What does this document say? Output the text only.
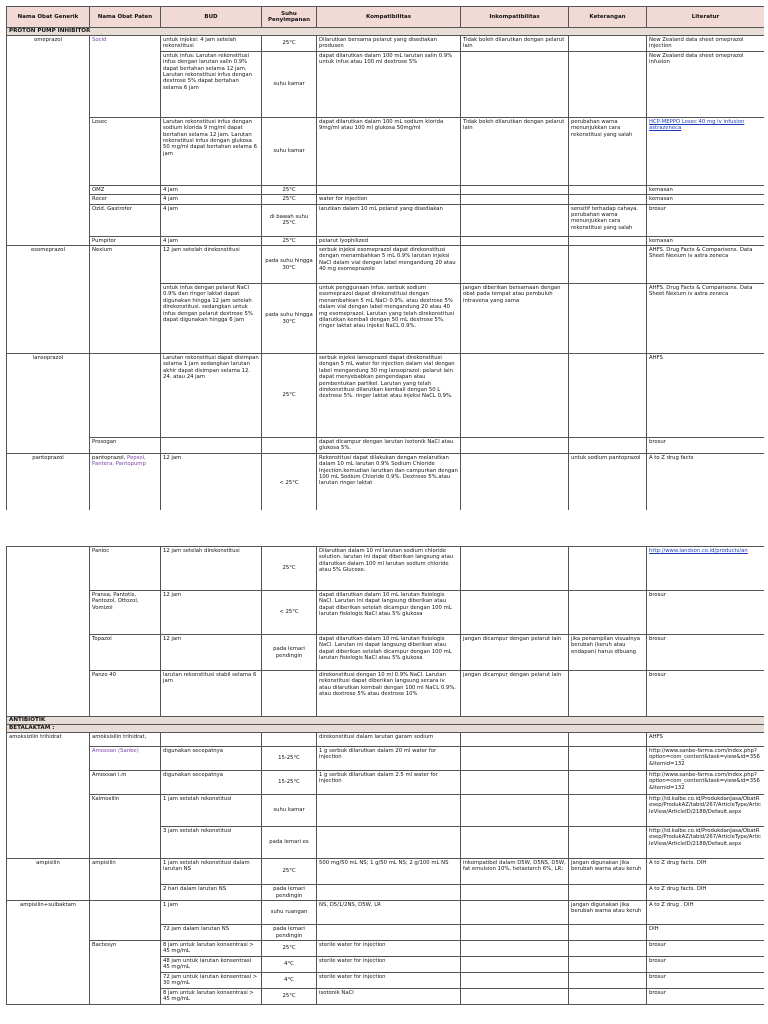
Nama Obat Generik	Nama Obat Paten	BUD	Suhu Penyimpanan	Kompatibilitas	Inkompatibilitas	Keterangan	Literatur
PROTON PUMP INHIBITOR							
omeprazol	Socid	untuk injeksi: 4 jam setelah rekonstitusi	25°C	Dilarutkan bersama pelarut yang disediakan produsen	Tidak boleh dilarutkan dengan pelarut lain		New Zealand data sheet omeprazol injection
		untuk infus: Larutan rekonstitusi infus dengan larutan salin 0.9% dapat bertahan selama 12 jam. Larutan rekonstitusi infus dengan dextrose 5% dapat bertahan selama 6 jam	suhu kamar	dapat dilarutkan dalam 100 mL larutan salin 0.9% untuk infus atau 100 ml dextrose 5%			New Zealand data sheet omeprazol infusion
	Losec	Larutan rekonstitusi infus dengan sodium klorida 9 mg/ml dapat bertahan selama 12 jam. Larutan rekonstitusi infus dengan glukosa 50 mg/ml dapat bertahan selama 6 jam	suhu kamar	dapat dilarutkan dalam 100 mL sodium klorida 9mg/ml atau 100 ml glukosa 50mg/ml	Tidak boleh dilarutkan dengan pelarut lain	perubahan warna menunjukkan cara rekonstitusi yang salah	HCP-MEPPO Losec 40 mg iv infusion astrazeneca
	OMZ	4 jam	25°C				kemasan
	Rocer	4 jam	25°C	water for injection			kemasan
	Ozid. Gastrofer	4 jam	di bawah suhu 25°C	larutkan dalam 10 mL pelarut yang disediakan		sensitif terhadap cahaya. perubahan warna menunjukkan cara rekonstitusi yang salah	brosur
	Pumpitor	4 jam	25°C	pelarut lyophilized			kemasan
esomeprazol	Nexium	12 jam setelah direkonstitusi	pada suhu hingga 30°C	serbuk injeksi esomeprazol dapat direkonstitusi dengan menambahkan 5 mL 0.9% larutan injeksi NaCl dalam vial dengan label mengandung 20 atau 40 mg esomeprazole			AHFS. Drug Facts & Comparisons. Data Sheet Nexium iv astra zeneca
		untuk infus dengan pelarut NaCl 0.9% dan ringer laktat dapat digunakan hingga 12 jam setelah direkonstitusi. sedangkan untuk infus dengan pelarut dextrose 5% dapat digunakan hingga 6 jam	pada suhu hingga 30°C	untuk penggunaan infus. serbuk sodium esomeprazol dapat direkonstitusi dengan menambahkan 5 mL NaCl 0.9%. atau dextrose 5% dalam vial dengan label mengandung 20 atau 40 mg esomeprazol. Larutan yang telah direkonstitusi dilarutkan kembali dengan 50 mL dextrose 5%. ringer laktat atau injeksi NaCL 0.9%.	jangan diberikan bersamaan dengan obat pada tempat atau pembuluh intravena yang sama		AHFS. Drug Facts & Comparisons. Data Sheet Nexium iv astra zeneca
lansoprazol		Larutan rekonstitusi dapat disimpan selama 1 jam sedangkan larutan akhir dapat disimpan selama 12. 24. atau 24 jam	25°C	serbuk injeksi lansoprazol dapat direkonstitusi dengan 5 mL water for injection dalam vial dengan label mengandung 30 mg lansoprazol: pelarut lain dapat menyebabkan pengendapan atau pembentukan partikel. Larutan yang telah direkonstitusi dilarutkan kembali dengan 50 L dextrose 5%. ringer laktat atau injeksi NaCL 0.9%.			AHFS
	Prosogan			dapat dicampur dengan larutan isotonik NaCl atau glukosa 5%.			brosur
pantoprazol	pantoprazol, Pepsol, Pantera, Pantopump	12 jam	< 25°C	Rekonstitusi dapat dilakukan dengan melarutkan dalam 10 mL larutan 0.9% Sodium Chloride Injection.kemudian larutkan dan campurkan dengan 100 mL Sodium Chloride 0.9%. Dextrose 5%.atau larutan ringer laktat		untuk sodium pantoprazol	A to Z drug facts
	Panloc	12 jam setelah direkonstitusi	25°C	Dilarutkan dalam 10 ml larutan sodium chloride solution. larutan ini dapat diberikan langsung atau dilarutkan dalam 100 ml larutan sodium chloride atau 5% Glucose.			http://www.landson.co.id/products/an
	Pransa, Pantotis, Pantozol, Ottozol, Vomizol	12 jam	< 25°C	dapat dilarutkan dalam 10 mL larutan fisiologis NaCl. Larutan ini dapat langsung diberikan atau dapat diberikan setelah dicampur dengan 100 mL larutan fisiologis NaCl atau 5% glukosa			brosur
	Topazol	12 jam	pada lemari pendingin	dapat dilarutkan dalam 10 mL larutan fisiologis NaCl. Larutan ini dapat langsung diberikan atau dapat diberikan setelah dicampur dengan 100 mL larutan fisiologis NaCl atau 5% glukosa	jangan dicampur dengan pelarut lain	jika penampilan visualnya berubah (keruh atau endapan) harus dibuang	brosur
	Panzo 40	larutan rekonstitusi stabil selama 6 jam		direkonstitusi dengan 10 ml 0.9% NaCl. Larutan rekonstitusi dapat diberikan langsung secara iv atau dilarutkan kembali dengan 100 ml NaCL 0.9%. atau dextrose 5% atau dextrose 10%	jangan dicampur dengan pelarut lain		brosur
ANTIBIOTIK							
BETALAKTAM :							
amoksizilin trihidrat	amoksisilin trihidrat,			direkonstitusi dalam larutan garam sodium			AHFS
	Amoxsan (Sanbe)	digunakan secepatnya	15-25°C	1 g serbuk dilarutkan dalam 20 ml water for injection			http://www.sanbe-farma.com/index.php?option=com_content&task=view&id=356&Itemid=132
	Amoxsan i.m	digunakan secepatnya	15-25°C	1 g serbuk dilarutkan dalam 2.5 ml water for injection			http://www.sanbe-farma.com/index.php?option=com_content&task=view&id=356&Itemid=132
	Kalmoxilin	1 jam setelah rekonstitusi	suhu kamar				http://id.kalbe.co.id/ProdukdanJasa/ObatResep/ProdukAZ/tabid/267/ArticleType/ArticleView/ArticleID/2188/Default.aspx
		3 jam setelah rekonstitusi	pada lemari es				http://id.kalbe.co.id/ProdukdanJasa/ObatResep/ProdukAZ/tabid/267/ArticleType/ArticleView/ArticleID/2188/Default.aspx
ampisilin	ampisilin	1 jam setelah rekonstitusi dalam larutan NS	25°C	500 mg/50 mL NS; 1 g/50 mL NS; 2 g/100 mL NS	inkompatibel dalam D5W, D5NS, D5W, fat emulsion 10%, hetastarch 6%, LR;	jangan digunakan jika berubah warna atau keruh	A to Z drug facts. DIH
		2 hari dalam larutan NS	pada lemari pendingin				A to Z drug facts. DIH
ampisilin+sulbaktam		1 jam	suhu ruangan	NS, D5/1/2NS, D5W, LR		jangan digunakan jika berubah warna atau keruh	A to Z drug . DIH
		72 jam dalam larutan NS	pada lemari pendingin				DIH
	Bactesyn	8 jam untuk larutan konsentrasi > 45 mg/mL	25°C	sterile water for injection			brosur
		48 jam untuk larutan konsentrasi 45 mg/mL	4°C	sterile water for injection			brosur
		72 jam untuk larutan konsentrasi > 30 mg/mL	4°C	sterile water for injection			brosur
		8 jam untuk larutan konsentrasi > 45 mg/mL	25°C	isotonik NaCl			brosur
